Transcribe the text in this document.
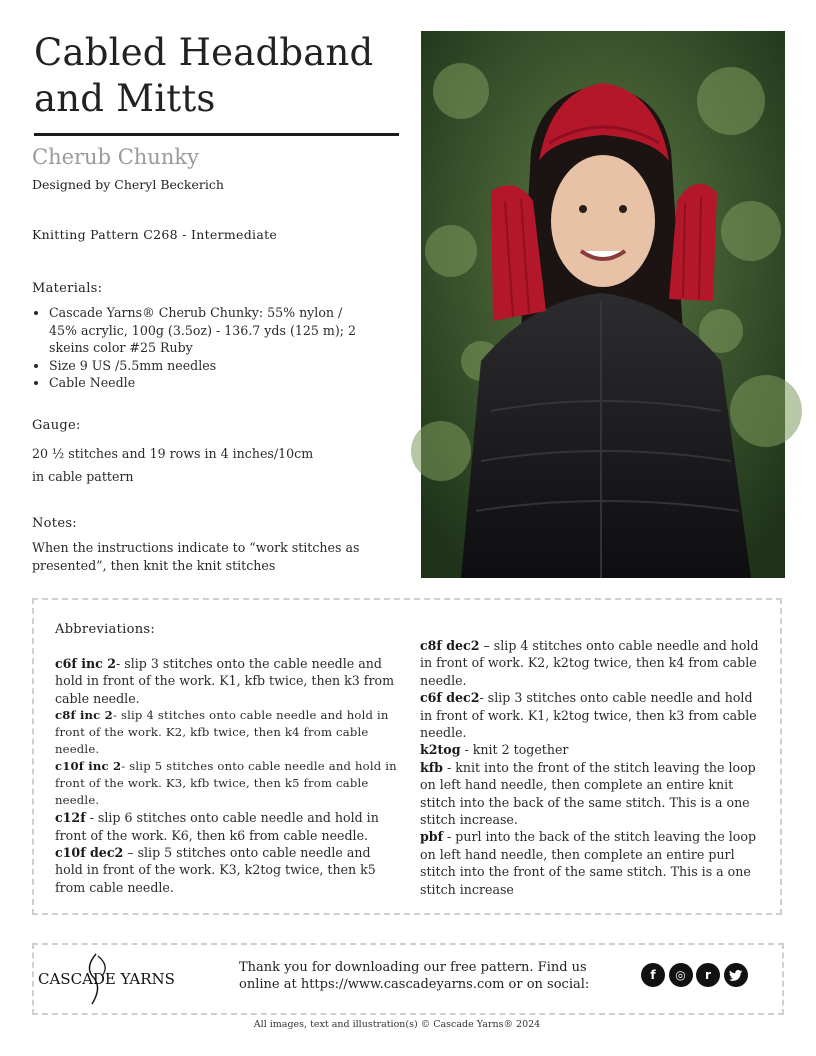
Cabled Headband
and Mitts
Cherub Chunky
Designed by Cheryl Beckerich
Knitting Pattern C268 - Intermediate
Materials:
• Cascade Yarns® Cherub Chunky: 55% nylon / 45% acrylic, 100g (3.5oz) - 136.7 yds (125 m); 2 skeins color #25 Ruby
• Size 9 US /5.5mm needles
• Cable Needle
Gauge:
20 ½ stitches and 19 rows in 4 inches/10cm
in cable pattern
Notes:
When the instructions indicate to “work stitches as presented”, then knit the knit stitches
Abbreviations:

c6f inc 2- slip 3 stitches onto the cable needle and hold in front of the work. K1, kfb twice, then k3 from cable needle.

c8f inc 2- slip 4 stitches onto cable needle and hold in front of the work. K2, kfb twice, then k4 from cable needle.

c10f inc 2- slip 5 stitches onto cable needle and hold in front of the work. K3, kfb twice, then k5 from cable needle.

c12f - slip 6 stitches onto cable needle and hold in front of the work. K6, then k6 from cable needle. c10f dec2 – slip 5 stitches onto cable needle and hold in front of the work. K3, k2tog twice, then k5 from cable needle.

c8f dec2 – slip 4 stitches onto cable needle and hold in front of work. K2, k2tog twice, then k4 from cable needle.

c6f dec2- slip 3 stitches onto cable needle and hold in front of work. K1, k2tog twice, then k3 from cable needle.

k2tog - knit 2 together

kfb - knit into the front of the stitch leaving the loop on left hand needle, then complete an entire knit stitch into the back of the same stitch. This is a one stitch increase.

pbf - purl into the back of the stitch leaving the loop on left hand needle, then complete an entire purl stitch into the front of the same stitch. This is a one stitch increase

CASCADE YARNS
Thank you for downloading our free pattern. Find us
online at https://www.cascadeyarns.com or on social:
f	◎	r
All images, text and illustration(s) © Cascade Yarns® 2024
